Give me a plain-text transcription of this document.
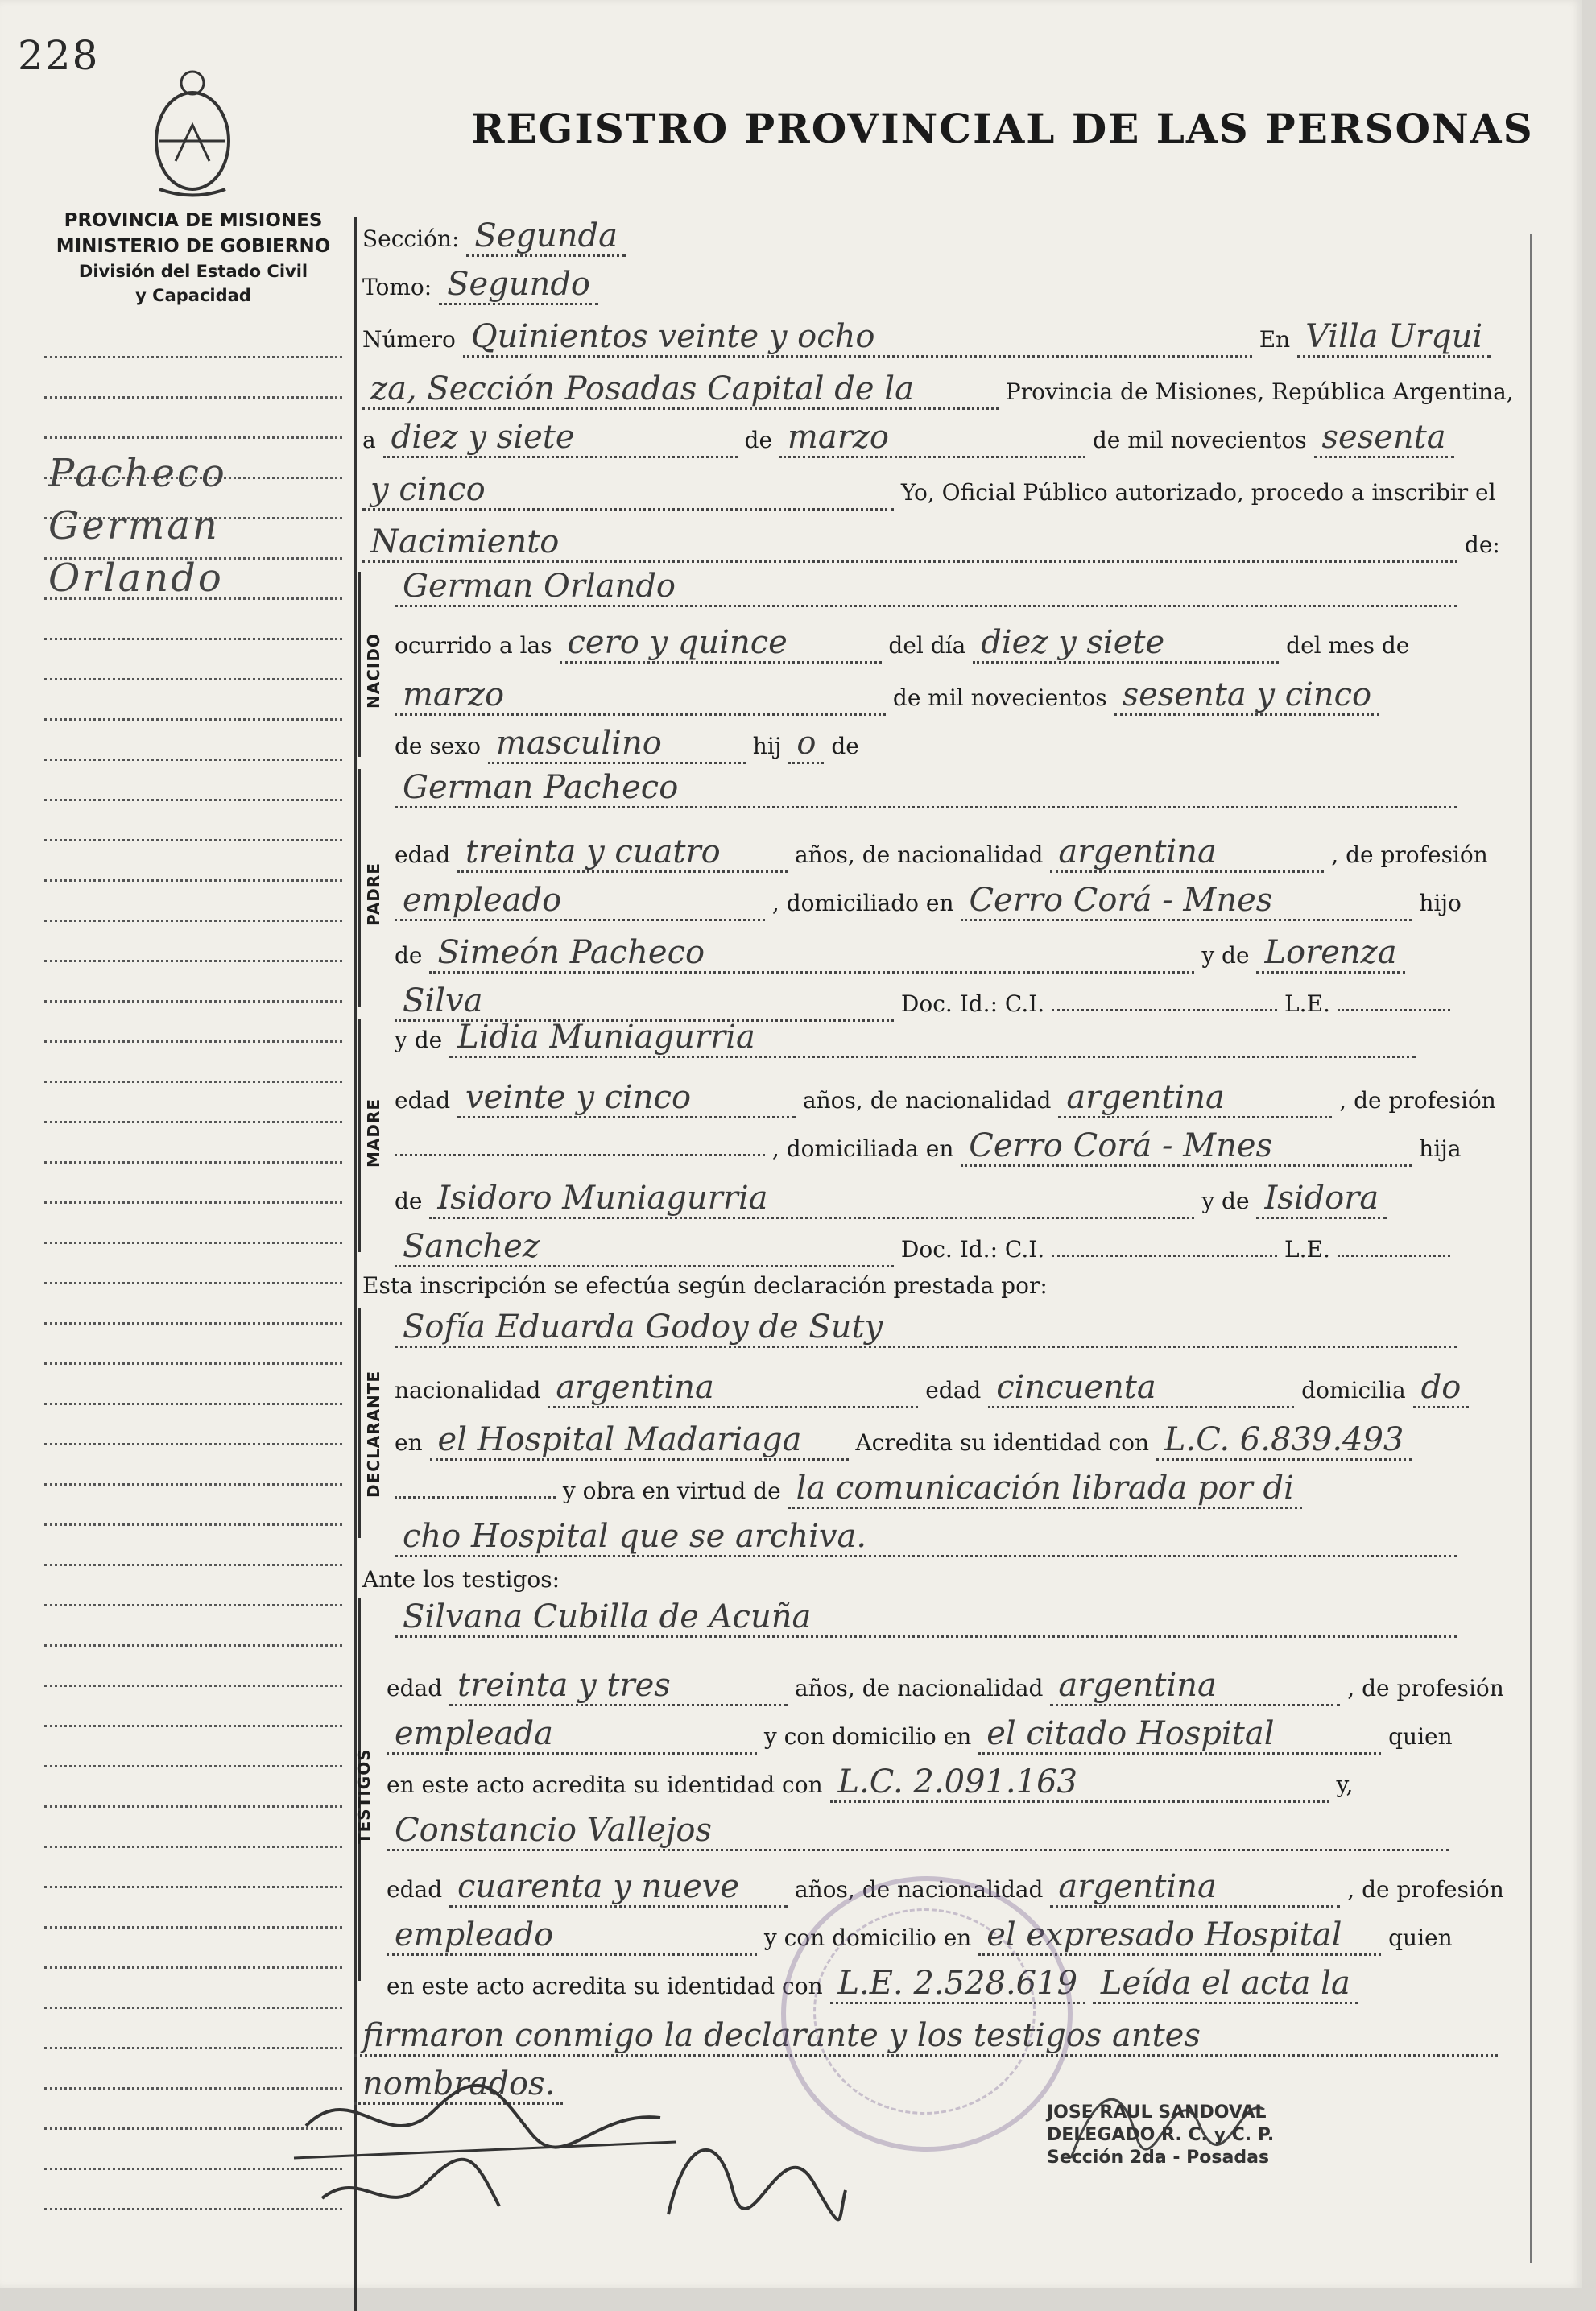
228
REGISTRO PROVINCIAL DE LAS PERSONAS
PROVINCIA DE MISIONES
MINISTERIO DE GOBIERNO
División del Estado Civil
y Capacidad
Pacheco
German
Orlando
Sección: Segunda
Tomo: Segundo
Número Quinientos veinte y ocho	En Villa Urqui
za, Sección Posadas Capital de la	Provincia de Misiones, República Argentina,
a diez y siete	de marzo	de mil novecientos sesenta
y cinco	Yo, Oficial Público autorizado, procedo a inscribir el
Nacimiento	de:
NACIDO
German Orlando
ocurrido a las cero y quince	del día diez y siete	del mes de
marzo	de mil novecientos sesenta y cinco
de sexo masculino	hij o de
PADRE
German Pacheco
edad treinta y cuatro	años, de nacionalidad argentina	, de profesión
empleado	, domiciliado en Cerro Corá - Mnes	hijo
de Simeón Pacheco	y de Lorenza
Silva	Doc. Id.: C.I.	L.E.
MADRE
y de Lidia Muniagurria
edad veinte y cinco	años, de nacionalidad argentina	, de profesión
, domiciliada en Cerro Corá - Mnes	hija
de Isidoro Muniagurria	y de Isidora
Sanchez	Doc. Id.: C.I.	L.E.
Esta inscripción se efectúa según declaración prestada por:
DECLARANTE
Sofía Eduarda Godoy de Suty
nacionalidad argentina	edad cincuenta	domicilia do
en el Hospital Madariaga Acredita su identidad con L.C. 6.839.493
y obra en virtud de la comunicación librada por di
cho Hospital que se archiva.
Ante los testigos:
TESTIGOS
Silvana Cubilla de Acuña
edad treinta y tres	años, de nacionalidad argentina	, de profesión
empleada	y con domicilio en el citado Hospital	quien
en este acto acredita su identidad con L.C. 2.091.163	y,
Constancio Vallejos
edad cuarenta y nueve años, de nacionalidad argentina	, de profesión
empleado	y con domicilio en el expresado Hospital quien
en este acto acredita su identidad con L.E. 2.528.619 Leída el acta la
firmaron conmigo la declarante y los testigos antes
nombrados.
JOSE RAUL SANDOVAL
DELEGADO R. C. y C. P.
Sección 2da - Posadas
